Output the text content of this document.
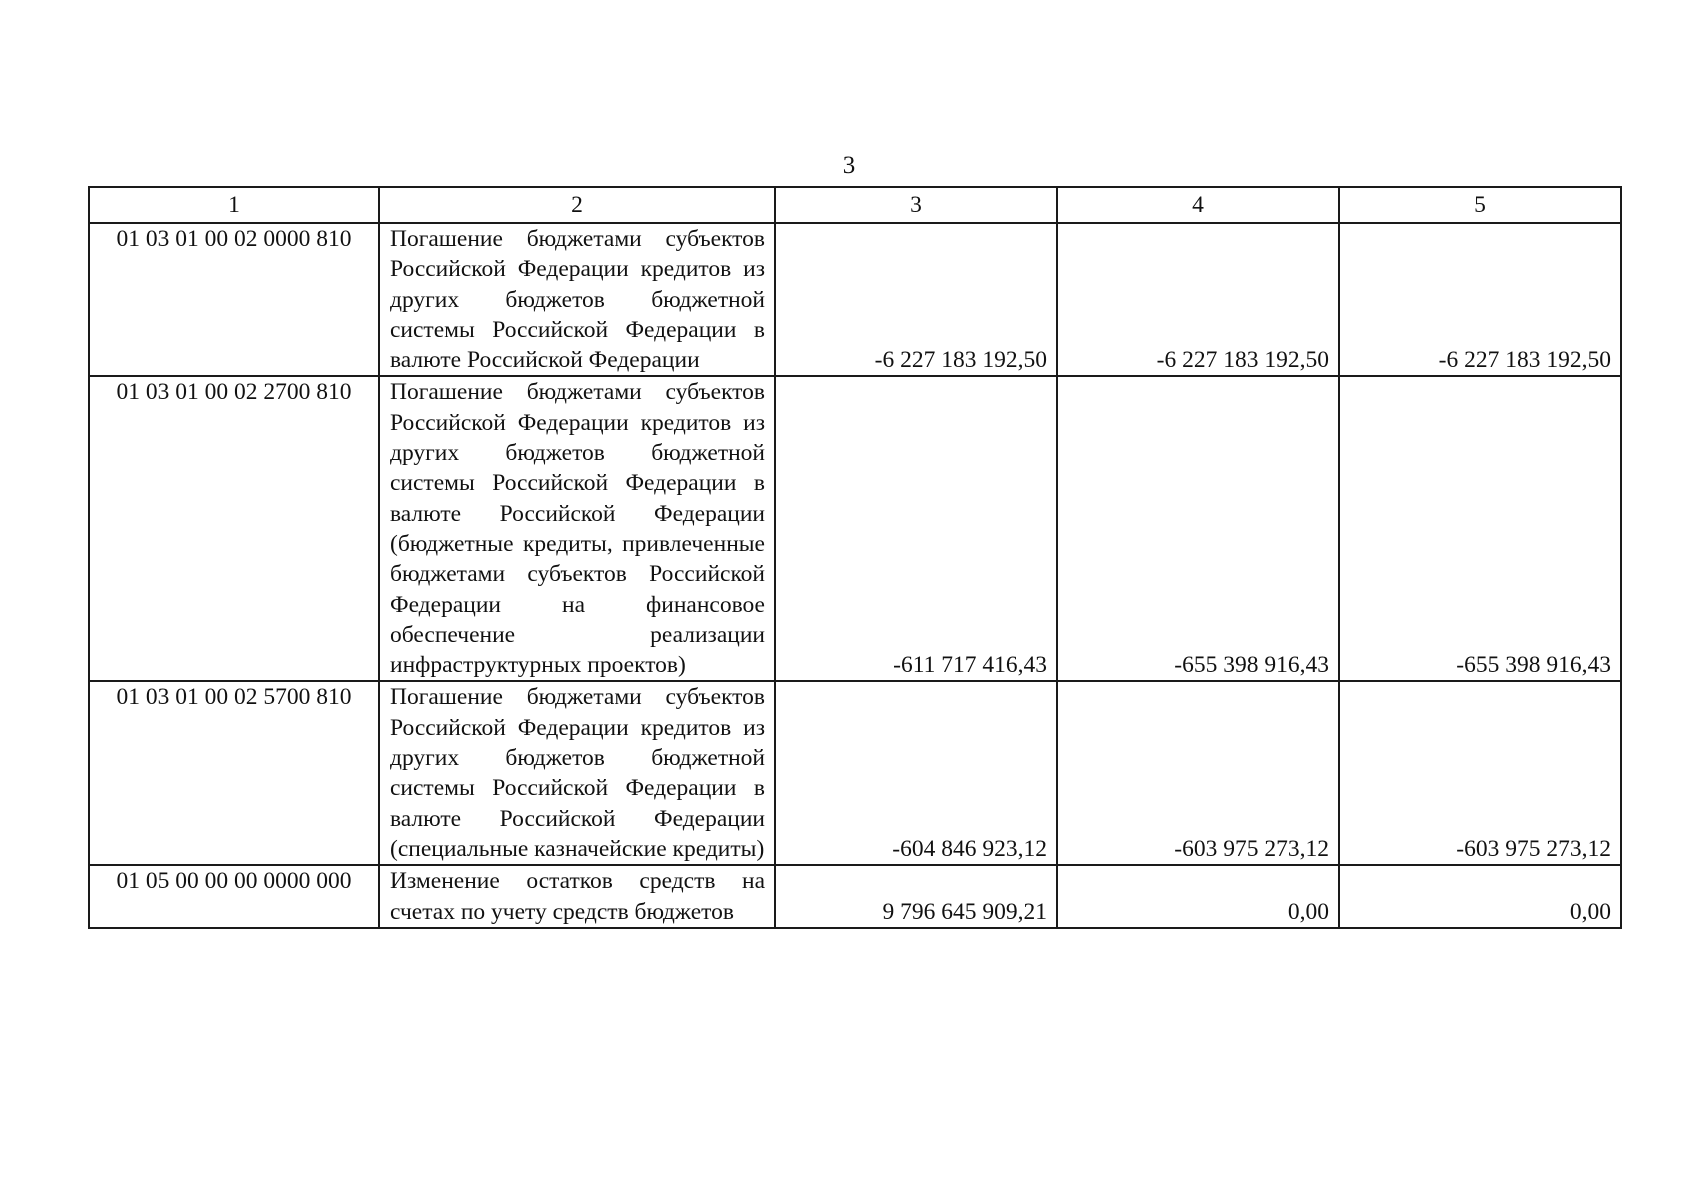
3
1	2	3	4	5
01 03 01 00 02 0000 810	Погашение бюджетами субъектов Российской Федерации кредитов из других бюджетов бюджетной системы Российской Федерации в валюте Российской Федерации	-6 227 183 192,50	-6 227 183 192,50	-6 227 183 192,50
01 03 01 00 02 2700 810	Погашение бюджетами субъектов Российской Федерации кредитов из других бюджетов бюджетной системы Российской Федерации в валюте Российской Федерации (бюджетные кредиты, привлеченные бюджетами субъектов Российской Федерации на финансовое обеспечение реализации инфраструктурных проектов)	-611 717 416,43	-655 398 916,43	-655 398 916,43
01 03 01 00 02 5700 810	Погашение бюджетами субъектов Российской Федерации кредитов из других бюджетов бюджетной системы Российской Федерации в валюте Российской Федерации (специальные казначейские кредиты)	-604 846 923,12	-603 975 273,12	-603 975 273,12
01 05 00 00 00 0000 000	Изменение остатков средств на счетах по учету средств бюджетов	9 796 645 909,21	0,00	0,00
